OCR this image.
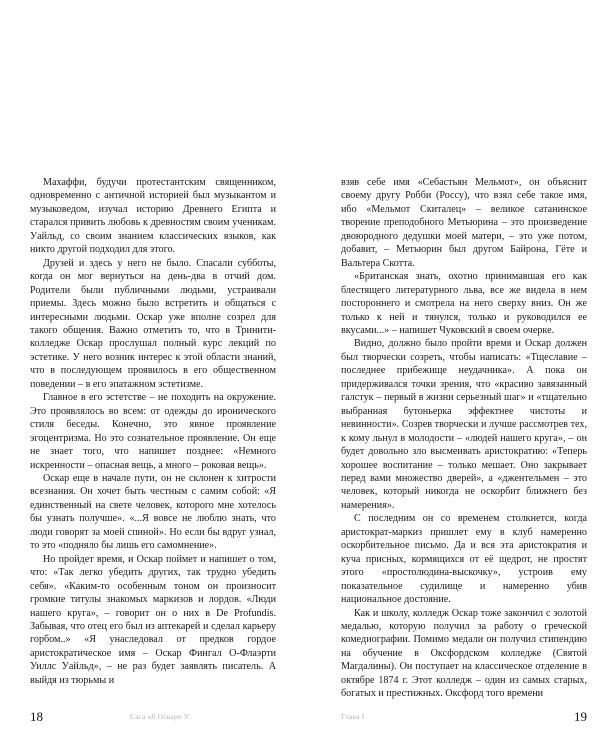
Махаффи, будучи протестантским священником, одновременно с античной историей был музыкантом и музыковедом, изучал историю Древнего Египта и старался привить любовь к древностям своим ученикам. Уайльд, со своим знанием классических языков, как никто другой подходил для этого.

Друзей и здесь у него не было. Спасали субботы, когда он мог вернуться на день-два в отчий дом. Родители были публичными людьми, устраивали приемы. Здесь можно было встретить и общаться с интересными людьми. Оскар уже вполне созрел для такого общения. Важно отметить то, что в Тринити-колледже Оскар прослушал полный курс лекций по эстетике. У него возник интерес к этой области знаний, что в последующем проявилось в его общественном поведении – в его эпатажном эстетизме.

Главное в его эстетстве – не походить на окружение. Это проявлялось во всем: от одежды до иронического стиля беседы. Конечно, это явное проявление эгоцентризма. Но это сознательное проявление. Он еще не знает того, что напишет позднее: «Немного искренности – опасная вещь, а много – роковая вещь».

Оскар еще в начале пути, он не склонен к хитрости всезнания. Он хочет быть честным с самим собой: «Я единственный на свете человек, которого мне хотелось бы узнать получше». «...Я вовсе не люблю знать, что люди говорят за моей спиной». Но если бы вдруг узнал, то это «подняло бы лишь его самомнение».

Но пройдет время, и Оскар поймет и напишет о том, что: «Так легко убедить других, так трудно убедить себя». «Каким-то особенным тоном он произносит громкие титулы знакомых маркизов и лордов. «Люди нашего круга», – говорит он о них в De Profundis. Забывая, что отец его был из аптекарей и сделал карьеру горбом..» «Я унаследовал от предков гордое аристократическое имя – Оскар Фингал О-Флаэрти Уиллс Уайльд», – не раз будет заявлять писатель. А выйдя из тюрьмы и

18	Сага об Оскаре У.

взяв себе имя «Себастьян Мельмот», он объяснит своему другу Робби (Россу), что взял себе такое имя, ибо «Мельмот Скиталец» – великое сатанинское творение преподобного Метьюрина – это произведение двоюродного дедушки моей матери, – это уже потом, добавит, – Метьюрин был другом Байрона, Гёте и Вальтера Скотта.

«Британская знать, охотно принимавшая его как блестящего литературного льва, все же видела в нем постороннего и смотрела на него сверху вниз. Он же только к ней и тянулся, только и руководился ее вкусами...» – напишет Чуковский в своем очерке.

Видно, должно было пройти время и Оскар должен был творчески созреть, чтобы написать: «Тщеславие – последнее прибежище неудачника». А пока он придерживался точки зрения, что «красиво завязанный галстук – первый в жизни серьезный шаг» и «тщательно выбранная бутоньерка эффектнее чистоты и невинности». Созрев творчески и лучше рассмотрев тех, к кому льнул в молодости – «людей нашего круга», – он будет довольно зло высмеивать аристократию: «Теперь хорошее воспитание – только мешает. Оно закрывает перед вами множество дверей», а «джентельмен – это человек, который никогда не оскорбит ближнего без намерения».

С последним он со временем столкнется, когда аристократ-маркиз пришлет ему в клуб намеренно оскорбительное письмо. Да и вся эта аристократия и куча присных, кормящихся от её щедрот, не простят этого «простолюдина-выскочку», устроив ему показательное судилище и намеренно убив национальное достояние.

Как и школу, колледж Оскар тоже закончил с золотой медалью, которую получил за работу о греческой комедиографии. Помимо медали он получил стипендию на обучение в Оксфордском колледже (Святой Магдалины). Он поступает на классическое отделение в октябре 1874 г. Этот колледж – один из самых старых, богатых и престижных. Оксфорд того времени

Глава I	19
